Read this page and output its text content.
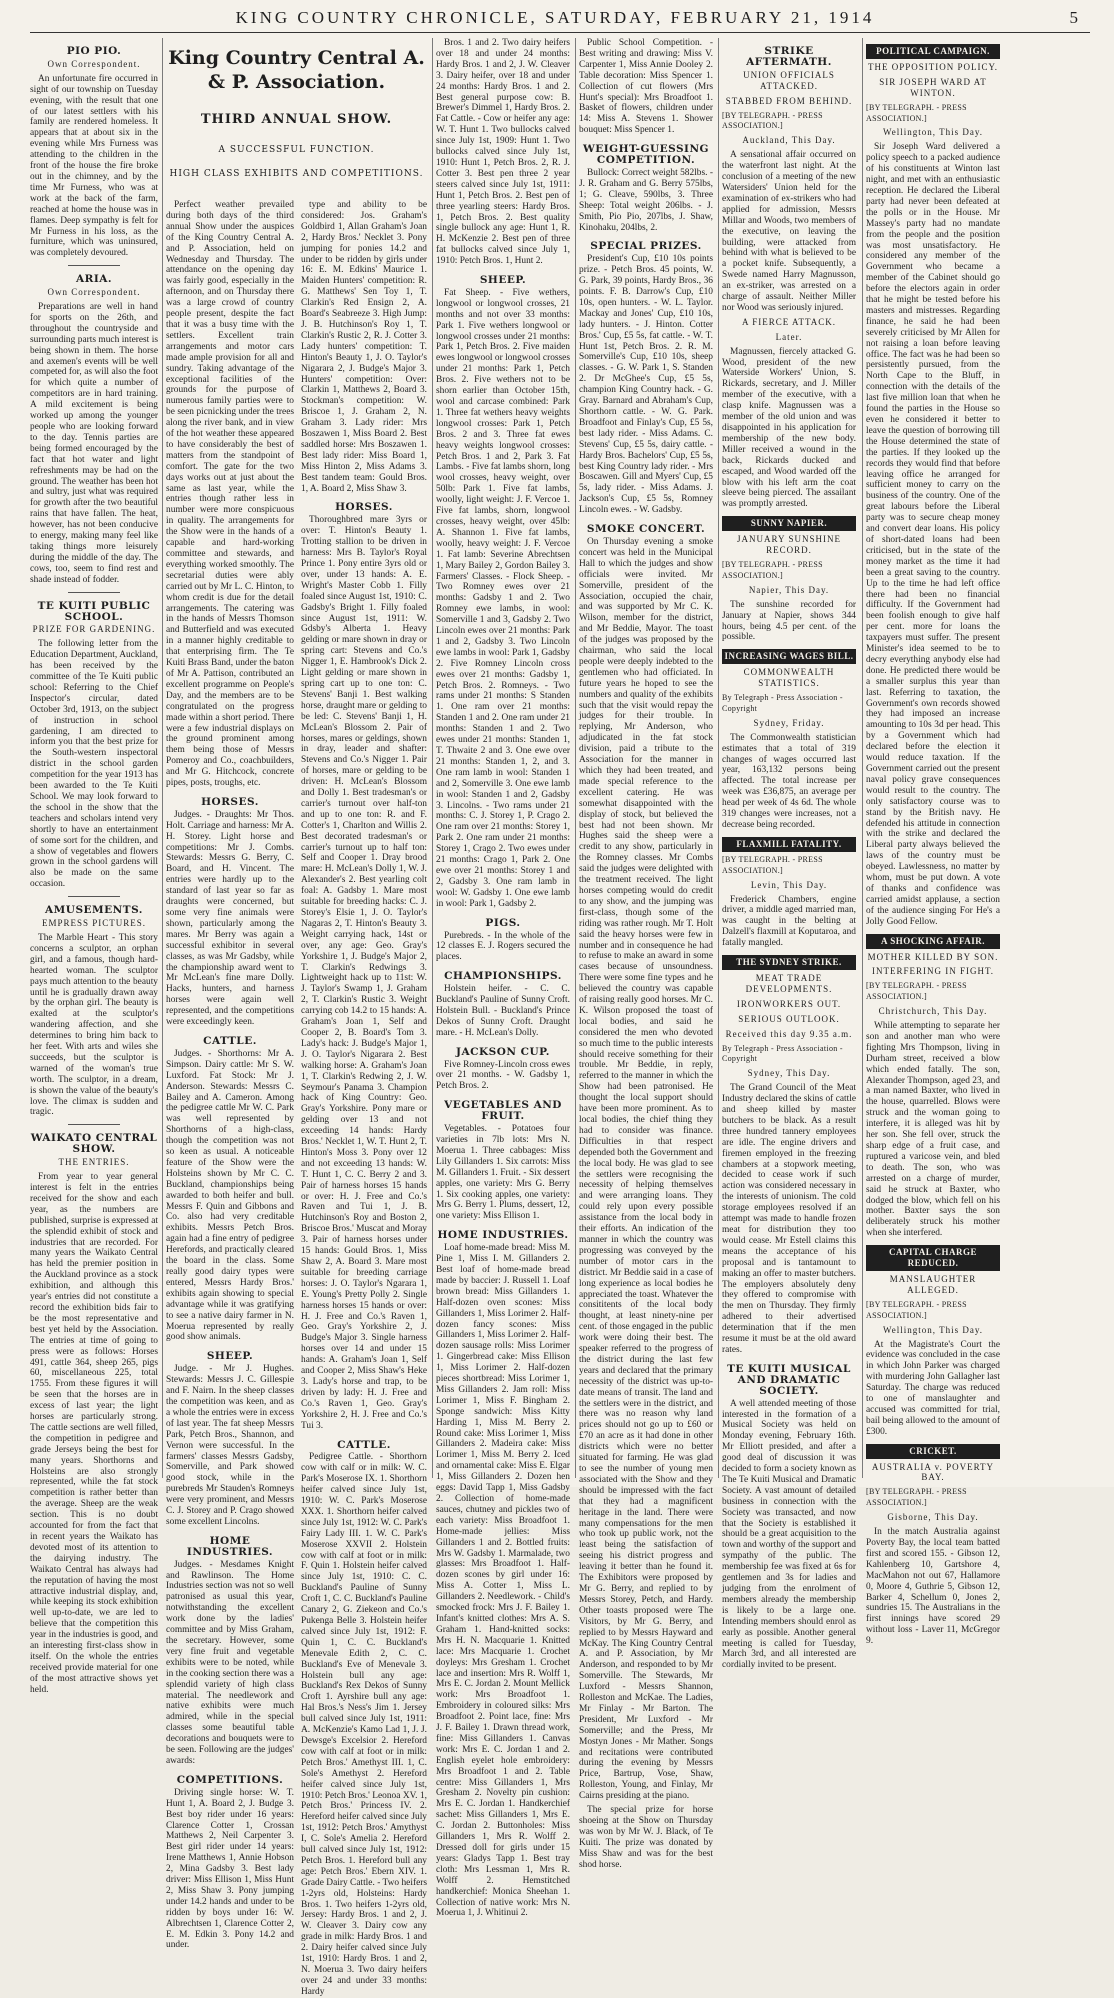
KING COUNTRY CHRONICLE, SATURDAY, FEBRUARY 21, 1914	5
PIO PIO.
Own Correspondent.

An unfortunate fire occurred in sight of our township on Tuesday evening, with the result that one of our latest settlers with his family are rendered homeless. It appears that at about six in the evening while Mrs Furness was attending to the children in the front of the house the fire broke out in the chimney, and by the time Mr Furness, who was at work at the back of the farm, reached at home the house was in flames. Deep sympathy is felt for Mr Furness in his loss, as the furniture, which was uninsured, was completely devoured.

ARIA.
Own Correspondent.

Preparations are well in hand for sports on the 26th, and throughout the countryside and surrounding parts much interest is being shown in them. The horse and axemen's events will be well competed for, as will also the foot for which quite a number of competitors are in hard training. A mild excitement is being worked up among the younger people who are looking forward to the day. Tennis parties are being formed encouraged by the fact that hot water and light refreshments may be had on the ground. The weather has been hot and sultry, just what was required for growth after the two beautiful rains that have fallen. The heat, however, has not been conducive to energy, making many feel like taking things more leisurely during the middle of the day. The cows, too, seem to find rest and shade instead of fodder.

TE KUITI PUBLIC SCHOOL.
PRIZE FOR GARDENING.

The following letter from the Education Department, Auckland, has been received by the committee of the Te Kuiti public school: Referring to the Chief Inspector's circular, dated October 3rd, 1913, on the subject of instruction in school gardening, I am directed to inform you that the best prize for the South-western inspectoral district in the school garden competition for the year 1913 has been awarded to the Te Kuiti School. We may look forward to the school in the show that the teachers and scholars intend very shortly to have an entertainment of some sort for the children, and a show of vegetables and flowers grown in the school gardens will also be made on the same occasion.

AMUSEMENTS.
EMPRESS PICTURES.

The Marble Heart - This story concerns a sculptor, an orphan girl, and a famous, though hard-hearted woman. The sculptor pays much attention to the beauty until he is gradually drawn away by the orphan girl. The beauty is exalted at the sculptor's wandering affection, and she determines to bring him back to her feet. With arts and wiles she succeeds, but the sculptor is warned of the woman's true worth. The sculptor, in a dream, is shown the value of the beauty's love. The climax is sudden and tragic.

WAIKATO CENTRAL SHOW.
THE ENTRIES.

From year to year general interest is felt in the entries received for the show and each year, as the numbers are published, surprise is expressed at the splendid exhibit of stock and industries that are recorded. For many years the Waikato Central has held the premier position in the Auckland province as a stock exhibition, and although this year's entries did not constitute a record the exhibition bids fair to be the most representative and best yet held by the Association. The entries at time of going to press were as follows: Horses 491, cattle 364, sheep 265, pigs 60, miscellaneous 225, total 1755. From these figures it will be seen that the horses are in excess of last year; the light horses are particularly strong. The cattle sections are well filled, the competition in pedigree and grade Jerseys being the best for many years. Shorthorns and Holsteins are also strongly represented, while the fat stock competition is rather better than the average. Sheep are the weak section. This is no doubt accounted for from the fact that in recent years the Waikato has devoted most of its attention to the dairying industry. The Waikato Central has always had the reputation of having the most attractive industrial display, and, while keeping its stock exhibition well up-to-date, we are led to believe that the competition this year in the industries is good, and an interesting first-class show in itself. On the whole the entries received provide material for one of the most attractive shows yet held.

King Country Central A. & P. Association.
THIRD ANNUAL SHOW.
A SUCCESSFUL FUNCTION.
HIGH CLASS EXHIBITS AND COMPETITIONS.

Perfect weather prevailed during both days of the third annual Show under the auspices of the King Country Central A. and P. Association, held on Wednesday and Thursday. The attendance on the opening day was fairly good, especially in the afternoon, and on Thursday there was a large crowd of country people present, despite the fact that it was a busy time with the settlers. Excellent train arrangements and motor cars made ample provision for all and sundry. Taking advantage of the exceptional facilities of the grounds for the purpose of numerous family parties were to be seen picnicking under the trees along the river bank, and in view of the hot weather these appeared to have considerably the best of matters from the standpoint of comfort. The gate for the two days works out at just about the same as last year, while the entries though rather less in number were more conspicuous in quality. The arrangements for the Show were in the hands of a capable and hard-working committee and stewards, and everything worked smoothly. The secretarial duties were ably carried out by Mr L. C. Hinton, to whom credit is due for the detail arrangements. The catering was in the hands of Messrs Thomson and Butterfield and was executed in a manner highly creditable to that enterprising firm. The Te Kuiti Brass Band, under the baton of Mr A. Pattison, contributed an excellent programme on People's Day, and the members are to be congratulated on the progress made within a short period. There were a few industrial displays on the ground prominent among them being those of Messrs Pomeroy and Co., coachbuilders, and Mr G. Hitchcock, concrete pipes, posts, troughs, etc.

HORSES.

Judges. - Draughts: Mr Thos. Holt. Carriage and harness: Mr A. H. Storey. Light horse and competitions: Mr J. Combs. Stewards: Messrs G. Berry, C. Board, and H. Vincent. The entries were hardly up to the standard of last year so far as draughts were concerned, but some very fine animals were shown, particularly among the mares. Mr Berry was again a successful exhibitor in several classes, as was Mr Gadsby, while the championship award went to Mr McLean's fine mare Dolly. Hacks, hunters, and harness horses were again well represented, and the competitions were exceedingly keen.

CATTLE.

Judges. - Shorthorns: Mr A. Simpson. Dairy cattle: Mr S. W. Luxford. Fat Stock: Mr J. Anderson. Stewards: Messrs C. Bailey and A. Cameron. Among the pedigree cattle Mr W. C. Park was well represented by Shorthorns of a high-class, though the competition was not so keen as usual. A noticeable feature of the Show were the Holsteins shown by Mr C. C. Buckland, championships being awarded to both heifer and bull. Messrs F. Quin and Gibbons and Co. also had very creditable exhibits. Messrs Petch Bros. again had a fine entry of pedigree Herefords, and practically cleared the board in the class. Some really good dairy types were entered, Messrs Hardy Bros.' exhibits again showing to special advantage while it was gratifying to see a native dairy farmer in N. Moerua represented by really good show animals.

SHEEP.

Judge. - Mr J. Hughes. Stewards: Messrs J. C. Gillespie and F. Nairn. In the sheep classes the competition was keen, and as a whole the entries were in excess of last year. The fat sheep Messrs Park, Petch Bros., Shannon, and Vernon were successful. In the farmers' classes Messrs Gadsby, Somerville, and Park showed good stock, while in the purebreds Mr Stauden's Romneys were very prominent, and Messrs C. J. Storey and P. Crago showed some excellent Lincolns.

HOME INDUSTRIES.

Judges. - Mesdames Knight and Rawlinson. The Home Industries section was not so well patronised as usual this year, notwithstanding the excellent work done by the ladies' committee and by Miss Graham, the secretary. However, some very fine fruit and vegetable exhibits were to be noted, while in the cooking section there was a splendid variety of high class material. The needlework and native exhibits were much admired, while in the special classes some beautiful table decorations and bouquets were to be seen. Following are the judges' awards:

COMPETITIONS.

Driving single horse: W. T. Hunt 1, A. Board 2, J. Budge 3. Best boy rider under 16 years: Clarence Cotter 1, Crossan Matthews 2, Neil Carpenter 3. Best girl rider under 14 years: Irene Matthews 1, Annie Hobson 2, Mina Gadsby 3. Best lady driver: Miss Ellison 1, Miss Hunt 2, Miss Shaw 3. Pony jumping under 14.2 hands and under to be ridden by boys under 16: W. Albrechtsen 1, Clarence Cotter 2, E. M. Edkin 3. Pony 14.2 and under.

type and ability to be considered: Jos. Graham's Goldbird 1, Allan Graham's Joan 2, Hardy Bros.' Necklet 3. Pony jumping for ponies 14.2 and under to be ridden by girls under 16: E. M. Edkins' Maurice 1. Maiden Hunters' competition: R. G. Matthews' Sen Toy 1, T. Clarkin's Red Ensign 2, A. Board's Seabreeze 3. High Jump: J. B. Hutchinson's Roy 1, T. Clarkin's Rustic 2, R. J. Cotter 3. Lady hunters' competition: T. Hinton's Beauty 1, J. O. Taylor's Nigarara 2, J. Budge's Major 3. Hunters' competition: Over: Clarkin 1, Matthews 2, Board 3. Stockman's competition: W. Briscoe 1, J. Graham 2, N. Graham 3. Lady rider: Mrs Boszawen 1, Miss Board 2. Best saddled horse: Mrs Boszawen 1. Best lady rider: Miss Board 1, Miss Hinton 2, Miss Adams 3. Best tandem team: Gould Bros. 1, A. Board 2, Miss Shaw 3.

HORSES.

Thoroughbred mare 3yrs or over: T. Hinton's Beauty 1. Trotting stallion to be driven in harness: Mrs B. Taylor's Royal Prince 1. Pony entire 3yrs old or over, under 13 hands: A. E. Wright's Master Cobb 1. Filly foaled since August 1st, 1910: C. Gadsby's Bright 1. Filly foaled since August 1st, 1911: W. Gdsby's Alberta 1. Heavy gelding or mare shown in dray or spring cart: Stevens and Co.'s Nigger 1, E. Hambrook's Dick 2. Light gelding or mare shown in spring cart up to one ton: C. Stevens' Banji 1. Best walking horse, draught mare or gelding to be led: C. Stevens' Banji 1, H. McLean's Blossom 2. Pair of horses, mares or geldings, shown in dray, leader and shafter: Stevens and Co.'s Nigger 1. Pair of horses, mare or gelding to be driven: H. McLean's Blossom and Dolly 1. Best tradesman's or carrier's turnout over half-ton and up to one ton: R. and F. Cotter's 1, Charlton and Willis 2. Best decorated tradesman's or carrier's turnout up to half ton: Self and Cooper 1. Dray brood mare: H. McLean's Dolly 1, W. J. Alexander's 2. Best yearling colt foal: A. Gadsby 1. Mare most suitable for breeding hacks: C. J. Storey's Elsie 1, J. O. Taylor's Nagaras 2, T. Hinton's Beauty 3. Weight carrying hack, 14st or over, any age: Geo. Gray's Yorkshire 1, J. Budge's Major 2, T. Clarkin's Redwings 3. Lightweight hack up to 11st: W. J. Taylor's Swamp 1, J. Graham 2, T. Clarkin's Rustic 3. Weight carrying cob 14.2 to 15 hands: A. Graham's Joan 1, Self and Cooper 2, B. Board's Tom 3. Lady's hack: J. Budge's Major 1, J. O. Taylor's Nigarara 2. Best walking horse: A. Graham's Joan 1, T. Clarkin's Redwing 2, J. W. Seymour's Panama 3. Champion hack of King Country: Geo. Gray's Yorkshire. Pony mare or gelding over 13 and not exceeding 14 hands: Hardy Bros.' Necklet 1, W. T. Hunt 2, T. Hinton's Moss 3. Pony over 12 and not exceeding 13 hands: W. T. Hunt 1, C. C. Berry 2 and 3. Pair of harness horses 15 hands or over: H. J. Free and Co.'s Raven and Tui 1, J. B. Hutchinson's Roy and Boston 2, Briscoe Bros.' Muscat and Moray 3. Pair of harness horses under 15 hands: Gould Bros. 1, Miss Shaw 2, A. Board 3. Mare most suitable for breeding carriage horses: J. O. Taylor's Ngarara 1, E. Young's Pretty Polly 2. Single harness horses 15 hands or over: H. J. Free and Co.'s Raven 1, Geo. Gray's Yorkshire 2, J. Budge's Major 3. Single harness horses over 14 and under 15 hands: A. Graham's Joan 1, Self and Cooper 2, Miss Shaw's Heke 3. Lady's horse and trap, to be driven by lady: H. J. Free and Co.'s Raven 1, Geo. Gray's Yorkshire 2, H. J. Free and Co.'s Tui 3.

CATTLE.

Pedigree Cattle. - Shorthorn cow with calf or in milk: W. C. Park's Moserose IX. 1. Shorthorn heifer calved since July 1st, 1910: W. C. Park's Moserose XXX. 1. Shorthorn heifer calved since July 1st, 1912: W. C. Park's Fairy Lady III. 1. W. C. Park's Moserose XXVII 2. Holstein cow with calf at foot or in milk: F. Quin 1. Holstein heifer calved since July 1st, 1910: C. C. Buckland's Pauline of Sunny Croft 1, C. C. Buckland's Pauline Canary 2, G. Ziekeon and Co.'s Pukenga Belle 3. Holstein heifer calved since July 1st, 1912: F. Quin 1, C. C. Buckland's Menevale Edith 2, C. C. Buckland's Eve of Menevale 3. Holstein bull any age: Buckland's Rex Dekos of Sunny Croft 1. Ayrshire bull any age: Hal Bros.'s Ness's Jim 1. Jersey bull calved since July 1st, 1911: A. McKenzie's Kamo Lad 1, J. J. Dewsge's Excelsior 2. Hereford cow with calf at foot or in milk: Petch Bros.' Amethyst III. 1, C. Sole's Amethyst 2. Hereford heifer calved since July 1st, 1910: Petch Bros.' Leonoa XV. 1, Petch Bros.' Princess IV. 2. Hereford heifer calved since July 1st, 1912: Petch Bros.' Amythyst I, C. Sole's Amelia 2. Hereford bull calved since July 1st, 1912: Petch Bros. 1. Hereford bull any age: Petch Bros.' Ebern XIV. 1. Grade Dairy Cattle. - Two heifers 1-2yrs old, Holsteins: Hardy Bros. 1. Two heifers 1-2yrs old, Jersey: Hardy Bros. 1 and 2, J. W. Cleaver 3. Dairy cow any grade in milk: Hardy Bros. 1 and 2. Dairy heifer calved since July 1st, 1910: Hardy Bros. 1 and 2, N. Moerua 3. Two dairy heifers over 24 and under 33 months: Hardy

Bros. 1 and 2. Two dairy heifers over 18 and under 24 months: Hardy Bros. 1 and 2, J. W. Cleaver 3. Dairy heifer, over 18 and under 24 months: Hardy Bros. 1 and 2. Best general purpose cow: B. Brewer's Dimmel 1, Hardy Bros. 2. Fat Cattle. - Cow or heifer any age: W. T. Hunt 1. Two bullocks calved since July 1st, 1909: Hunt 1. Two bullocks calved since July 1st, 1910: Hunt 1, Petch Bros. 2, R. J. Cotter 3. Best pen three 2 year steers calved since July 1st, 1911: Hunt 1, Petch Bros. 2. Best pen of three yearling steers: Hardy Bros. 1, Petch Bros. 2. Best quality single bullock any age: Hunt 1, R. H. McKenzie 2. Best pen of three fat bullocks calved since July 1, 1910: Petch Bros. 1, Hunt 2.

SHEEP.

Fat Sheep. - Five wethers, longwool or longwool crosses, 21 months and not over 33 months: Park 1. Five wethers longwool or longwool crosses under 21 months: Park 1, Petch Bros. 2. Five maiden ewes longwool or longwool crosses under 21 months: Park 1, Petch Bros. 2. Five wethers not to be shorn earlier than October 15th, wool and carcase combined: Park 1. Three fat wethers heavy weights longwool crosses: Park 1, Petch Bros. 2 and 3. Three fat ewes heavy weights longwool crosses: Petch Bros. 1 and 2, Park 3. Fat Lambs. - Five fat lambs shorn, long wool crosses, heavy weight, over 50lb: Park 1. Five fat lambs, woolly, light weight: J. F. Vercoe 1. Five fat lambs, shorn, longwool crosses, heavy weight, over 45lb: A. Shannon 1. Five fat lambs, woolly, heavy weight: J. F. Vercoe 1. Fat lamb: Severine Abrechtsen 1, Mary Bailey 2, Gordon Bailey 3. Farmers' Classes. - Flock Sheep. - Two Romney ewes over 21 months: Gadsby 1 and 2. Two Romney ewe lambs, in wool: Somerville 1 and 3, Gadsby 2. Two Lincoln ewes over 21 months: Park 1 and 2, Gadsby 3. Two Lincoln ewe lambs in wool: Park 1, Gadsby 2. Five Romney Lincoln cross ewes over 21 months: Gadsby 1, Petch Bros. 2. Romneys. - Two rams under 21 months: S Standen 1. One ram over 21 months: Standen 1 and 2. One ram under 21 months: Standen 1 and 2. Two ewes under 21 months: Standen 1, T. Thwaite 2 and 3. One ewe over 21 months: Standen 1, 2, and 3. One ram lamb in wool: Standen 1 and 2, Somerville 3. One ewe lamb in wool: Standen 1 and 2, Gadsby 3. Lincolns. - Two rams under 21 months: C. J. Storey 1, P. Crago 2. One ram over 21 months: Storey 1, Park 2. One ram under 21 months: Storey 1, Crago 2. Two ewes under 21 months: Crago 1, Park 2. One ewe over 21 months: Storey 1 and 2, Gadsby 3. One ram lamb in wool: W. Gadsby 1. One ewe lamb in wool: Park 1, Gadsby 2.

PIGS.

Purebreds. - In the whole of the 12 classes E. J. Rogers secured the places.

CHAMPIONSHIPS.

Holstein heifer. - C. C. Buckland's Pauline of Sunny Croft. Holstein Bull. - Buckland's Prince Dekos of Sunny Croft. Draught mare. - H. McLean's Dolly.

JACKSON CUP.

Five Romney-Lincoln cross ewes over 21 months. - W. Gadsby 1, Petch Bros. 2.

VEGETABLES AND FRUIT.

Vegetables. - Potatoes four varieties in 7lb lots: Mrs N. Moerua 1. Three cabbages: Miss Lily Gillanders 1. Six carrots: Miss M. Gillanders 1. Fruit. - Six dessert apples, one variety: Mrs G. Berry 1. Six cooking apples, one variety: Mrs G. Berry 1. Plums, dessert, 12, one variety: Miss Ellison 1.

HOME INDUSTRIES.

Loaf home-made bread: Miss M. Pine 1, Miss I. M. Gillanders 2. Best loaf of home-made bread made by baccier: J. Russell 1. Loaf brown bread: Miss Gillanders 1. Half-dozen oven scones: Miss Gillanders 1, Miss Lorimer 2. Half-dozen fancy scones: Miss Gillanders 1, Miss Lorimer 2. Half-dozen sausage rolls: Miss Lorimer 1. Gingerbread cake: Miss Ellison 1, Miss Lorimer 2. Half-dozen pieces shortbread: Miss Lorimer 1, Miss Gillanders 2. Jam roll: Miss Lorimer 1, Miss F. Bingham 2. Sponge sandwich: Miss Kitty Harding 1, Miss M. Berry 2. Round cake: Miss Lorimer 1, Miss Gillanders 2. Madeira cake: Miss Lorimer 1, Miss M. Berry 2. Iced and ornamental cake: Miss E. Elgar 1, Miss Gillanders 2. Dozen hen eggs: David Tapp 1, Miss Gadsby 2. Collection of home-made sauces, chutney and pickles two of each variety: Miss Broadfoot 1. Home-made jellies: Miss Gillanders 1 and 2. Bottled fruits: Mrs W. Gadsby 1. Marmalade, two glasses: Mrs Broadfoot 1. Half-dozen scones by girl under 16: Miss A. Cotter 1, Miss L. Gillanders 2. Needlework. - Child's smocked frock: Mrs J. F. Bailey 1. Infant's knitted clothes: Mrs A. S. Graham 1. Hand-knitted socks: Mrs H. N. Macquarie 1. Knitted lace: Mrs Macquarie 1. Crochet doyleys: Mrs Gresham 1. Crochet lace and insertion: Mrs R. Wolff 1, Mrs E. C. Jordan 2. Mount Mellick work: Mrs Broadfoot 1. Embroidery in coloured silks: Mrs Broadfoot 2. Point lace, fine: Mrs J. F. Bailey 1. Drawn thread work, fine: Miss Gillanders 1. Canvas work: Mrs E. C. Jordan 1 and 2. English eyelet hole embroidery: Mrs Broadfoot 1 and 2. Table centre: Miss Gillanders 1, Mrs Gresham 2. Novelty pin cushion: Mrs E. C. Jordan 1. Handkerchief sachet: Miss Gillanders 1, Mrs E. C. Jordan 2. Buttonholes: Miss Gillanders 1, Mrs R. Wolff 2. Dressed doll for girls under 15 years: Gladys Tapp 1. Best tray cloth: Mrs Lessman 1, Mrs R. Wolff 2. Hemstitched handkerchief: Monica Sheehan 1. Collection of native work: Mrs N. Moerua 1, J. Whitinui 2.

Public School Competition. - Best writing and drawing: Miss V. Carpenter 1, Miss Annie Dooley 2. Table decoration: Miss Spencer 1. Collection of cut flowers (Mrs Hunt's special): Mrs Broadfoot 1. Basket of flowers, children under 14: Miss A. Stevens 1. Shower bouquet: Miss Spencer 1.

WEIGHT-GUESSING COMPETITION.

Bullock: Correct weight 582lbs. - J. R. Graham and G. Berry 575lbs, 1; G. Cleave, 590lbs, 3. Three Sheep: Total weight 206lbs. - J. Smith, Pio Pio, 207lbs, J. Shaw, Kinohaku, 204lbs, 2.

SPECIAL PRIZES.

President's Cup, £10 10s points prize. - Petch Bros. 45 points, W. G. Park, 39 points, Hardy Bros., 36 points. F. B. Darrow's Cup, £10 10s, open hunters. - W. L. Taylor. Mackay and Jones' Cup, £10 10s, lady hunters. - J. Hinton. Cotter Bros.' Cup, £5 5s, fat cattle. - W. T. Hunt 1st, Petch Bros. 2. R. M. Somerville's Cup, £10 10s, sheep classes. - G. W. Park 1, S. Standen 2. Dr McGhee's Cup, £5 5s, champion King Country hack. - G. Gray. Barnard and Abraham's Cup, Shorthorn cattle. - W. G. Park. Broadfoot and Finlay's Cup, £5 5s, best lady rider. - Miss Adams. C. Stevens' Cup, £5 5s, dairy cattle. - Hardy Bros. Bachelors' Cup, £5 5s, best King Country lady rider. - Mrs Boscawen. Gill and Myers' Cup, £5 5s, lady rider. - Miss Adams. J. Jackson's Cup, £5 5s, Romney Lincoln ewes. - W. Gadsby.

SMOKE CONCERT.

On Thursday evening a smoke concert was held in the Municipal Hall to which the judges and show officials were invited. Mr Somerville, president of the Association, occupied the chair, and was supported by Mr C. K. Wilson, member for the district, and Mr Beddie, Mayor. The toast of the judges was proposed by the chairman, who said the local people were deeply indebted to the gentlemen who had officiated. In future years he hoped to see the numbers and quality of the exhibits such that the visit would repay the judges for their trouble. In replying, Mr Anderson, who adjudicated in the fat stock division, paid a tribute to the Association for the manner in which they had been treated, and made special reference to the excellent catering. He was somewhat disappointed with the display of stock, but believed the best had not been shown. Mr Hughes said the sheep were a credit to any show, particularly in the Romney classes. Mr Combs said the judges were delighted with the treatment received. The light horses competing would do credit to any show, and the jumping was first-class, though some of the riding was rather rough. Mr T. Holt said the heavy horses were few in number and in consequence he had to refuse to make an award in some cases because of unsoundness. There were some fine types and he believed the country was capable of raising really good horses. Mr C. K. Wilson proposed the toast of local bodies, and said he considered the men who devoted so much time to the public interests should receive something for their trouble. Mr Beddie, in reply, referred to the manner in which the Show had been patronised. He thought the local support should have been more prominent. As to local bodies, the chief thing they had to consider was finance. Difficulties in that respect depended both the Government and the local body. He was glad to see the settlers were recognising the necessity of helping themselves and were arranging loans. They could rely upon every possible assistance from the local body in their efforts. An indication of the manner in which the country was progressing was conveyed by the number of motor cars in the district. Mr Beddie said in a case of long experience as local bodies he appreciated the toast. Whatever the consititents of the local body thought, at least ninety-nine per cent. of those engaged in the public work were doing their best. The speaker referred to the progress of the district during the last few years and declared that the primary necessity of the district was up-to-date means of transit. The land and the settlers were in the district, and there was no reason why land prices should not go up to £60 or £70 an acre as it had done in other districts which were no better situated for farming. He was glad to see the number of young men associated with the Show and they should be impressed with the fact that they had a magnificent heritage in the land. There were many compensations for the men who took up public work, not the least being the satisfaction of seeing his district progress and leaving it better than he found it. The Exhibitors were proposed by Mr G. Berry, and replied to by Messrs Storey, Petch, and Hardy. Other toasts proposed were The Visitors, by Mr G. Berry, and replied to by Messrs Hayward and McKay. The King Country Central A. and P. Association, by Mr Anderson, and responded to by Mr Somerville. The Stewards, Mr Luxford - Messrs Shannon, Rolleston and McKae. The Ladies, Mr Finlay - Mr Barton. The President, Mr Luxford - Mr Somerville; and the Press, Mr Mostyn Jones - Mr Mather. Songs and recitations were contributed during the evening by Messrs Price, Bartrup, Vose, Shaw, Rolleston, Young, and Finlay, Mr Cairns presiding at the piano.

The special prize for horse shoeing at the Show on Thursday was won by Mr W. J. Black, of Te Kuiti. The prize was donated by Miss Shaw and was for the best shod horse.

STRIKE AFTERMATH.
UNION OFFICIALS ATTACKED.
STABBED FROM BEHIND.
[BY TELEGRAPH. - PRESS ASSOCIATION.]
Auckland, This Day.

A sensational affair occurred on the waterfront last night. At the conclusion of a meeting of the new Watersiders' Union held for the examination of ex-strikers who had applied for admission, Messrs Millar and Woods, two members of the executive, on leaving the building, were attacked from behind with what is believed to be a pocket knife. Subsequently, a Swede named Harry Magnusson, an ex-striker, was arrested on a charge of assault. Neither Miller nor Wood was seriously injured.

A FIERCE ATTACK.
Later.

Magnussen, fiercely attacked G. Wood, president of the new Waterside Workers' Union, S. Rickards, secretary, and J. Miller member of the executive, with a clasp knife. Magnussen was a member of the old union and was disappointed in his application for membership of the new body. Miller received a wound in the back, Rickards ducked and escaped, and Wood warded off the blow with his left arm the coat sleeve being pierced. The assailant was promptly arrested.

SUNNY NAPIER.
JANUARY SUNSHINE RECORD.
[BY TELEGRAPH. - PRESS ASSOCIATION.]
Napier, This Day.

The sunshine recorded for January at Napier, shows 344 hours, being 4.5 per cent. of the possible.

INCREASING WAGES BILL.
COMMONWEALTH STATISTICS.
By Telegraph - Press Association - Copyright
Sydney, Friday.

The Commonwealth statistician estimates that a total of 319 changes of wages occurred last year, 163,132 persons being affected. The total increase per week was £36,875, an average per head per week of 4s 6d. The whole 319 changes were increases, not a decrease being recorded.

FLAXMILL FATALITY.
[BY TELEGRAPH. - PRESS ASSOCIATION.]
Levin, This Day.

Frederick Chambers, engine driver, a middle aged married man, was caught in the belting at Dalzell's flaxmill at Koputaroa, and fatally mangled.

THE SYDNEY STRIKE.
MEAT TRADE DEVELOPMENTS.
IRONWORKERS OUT.
SERIOUS OUTLOOK.
Received this day 9.35 a.m.
By Telegraph - Press Association - Copyright
Sydney, This Day.

The Grand Council of the Meat Industry declared the skins of cattle and sheep killed by master butchers to be black. As a result three hundred tannery employees are idle. The engine drivers and firemen employed in the freezing chambers at a stopwork meeting, decided to cease work if such action was considered necessary in the interests of unionism. The cold storage employees resolved if an attempt was made to handle frozen meat for distribution they too would cease. Mr Estell claims this means the acceptance of his proposal and is tantamount to making an offer to master butchers. The employers absolutely deny they offered to compromise with the men on Thursday. They firmly adhered to their advertised determination that if the men resume it must be at the old award rates.

TE KUITI MUSICAL AND DRAMATIC SOCIETY.

A well attended meeting of those interested in the formation of a Musical Society was held on Monday evening, February 16th. Mr Elliott presided, and after a good deal of discussion it was decided to form a society known as The Te Kuiti Musical and Dramatic Society. A vast amount of detailed business in connection with the Society was transacted, and now that the Society is established it should be a great acquisition to the town and worthy of the support and sympathy of the public. The membership fee was fixed at 6s for gentlemen and 3s for ladies and judging from the enrolment of members already the membership is likely to be a large one. Intending members should enrol as early as possible. Another general meeting is called for Tuesday, March 3rd, and all interested are cordially invited to be present.

POLITICAL CAMPAIGN.
THE OPPOSITION POLICY.
SIR JOSEPH WARD AT WINTON.
[BY TELEGRAPH. - PRESS ASSOCIATION.]
Wellington, This Day.

Sir Joseph Ward delivered a policy speech to a packed audience of his constituents at Winton last night, and met with an enthusiastic reception. He declared the Liberal party had never been defeated at the polls or in the House. Mr Massey's party had no mandate from the people and the position was most unsatisfactory. He considered any member of the Government who became a member of the Cabinet should go before the electors again in order that he might be tested before his masters and mistresses. Regarding finance, he said he had been severely criticised by Mr Allen for not raising a loan before leaving office. The fact was he had been so persistently pursued, from the North Cape to the Bluff, in connection with the details of the last five million loan that when he found the parties in the House so even he considered it better to leave the question of borrowing till the House determined the state of the parties. If they looked up the records they would find that before leaving office he arranged for sufficient money to carry on the business of the country. One of the great labours before the Liberal party was to secure cheap money and convert dear loans. His policy of short-dated loans had been criticised, but in the state of the money market as the time it had been a great saving to the country. Up to the time he had left office there had been no financial difficulty. If the Government had been foolish enough to give half per cent. more for loans the taxpayers must suffer. The present Minister's idea seemed to be to decry everything anybody else had done. He predicted there would be a smaller surplus this year than last. Referring to taxation, the Government's own records showed they had imposed an increase amounting to 10s 3d per head. This by a Government which had declared before the election it would reduce taxation. If the Government carried out the present naval policy grave consequences would result to the country. The only satisfactory course was to stand by the British navy. He defended his attitude in connection with the strike and declared the Liberal party always believed the laws of the country must be obeyed. Lawlessness, no matter by whom, must be put down. A vote of thanks and confidence was carried amidst applause, a section of the audience singing For He's a Jolly Good Fellow.

A SHOCKING AFFAIR.
MOTHER KILLED BY SON.
INTERFERING IN FIGHT.
[BY TELEGRAPH. - PRESS ASSOCIATION.]
Christchurch, This Day.

While attempting to separate her son and another man who were fighting Mrs Thompson, living in Durham street, received a blow which ended fatally. The son, Alexander Thompson, aged 23, and a man named Baxter, who lived in the house, quarrelled. Blows were struck and the woman going to interfere, it is alleged was hit by her son. She fell over, struck the sharp edge of a fruit case, and ruptured a varicose vein, and bled to death. The son, who was arrested on a charge of murder, said he struck at Baxter, who dodged the blow, which fell on his mother. Baxter says the son deliberately struck his mother when she interfered.

CAPITAL CHARGE REDUCED.
MANSLAUGHTER ALLEGED.
[BY TELEGRAPH. - PRESS ASSOCIATION.]
Wellington, This Day.

At the Magistrate's Court the evidence was concluded in the case in which John Parker was charged with murdering John Gallagher last Saturday. The charge was reduced to one of manslaughter and accused was committed for trial, bail being allowed to the amount of £300.

CRICKET.
AUSTRALIA v. POVERTY BAY.
[BY TELEGRAPH. - PRESS ASSOCIATION.]
Gisborne, This Day.

In the match Australia against Poverty Bay, the local team batted first and scored 155. - Gibson 12, Kahlenberg 10, Gartshore 4, MacMahon not out 67, Hallamore 0, Moore 4, Guthrie 5, Gibson 12, Barker 4, Schellum 0, Jones 2, sundries 15. The Australians in the first innings have scored 29 without loss - Laver 11, McGregor 9.
